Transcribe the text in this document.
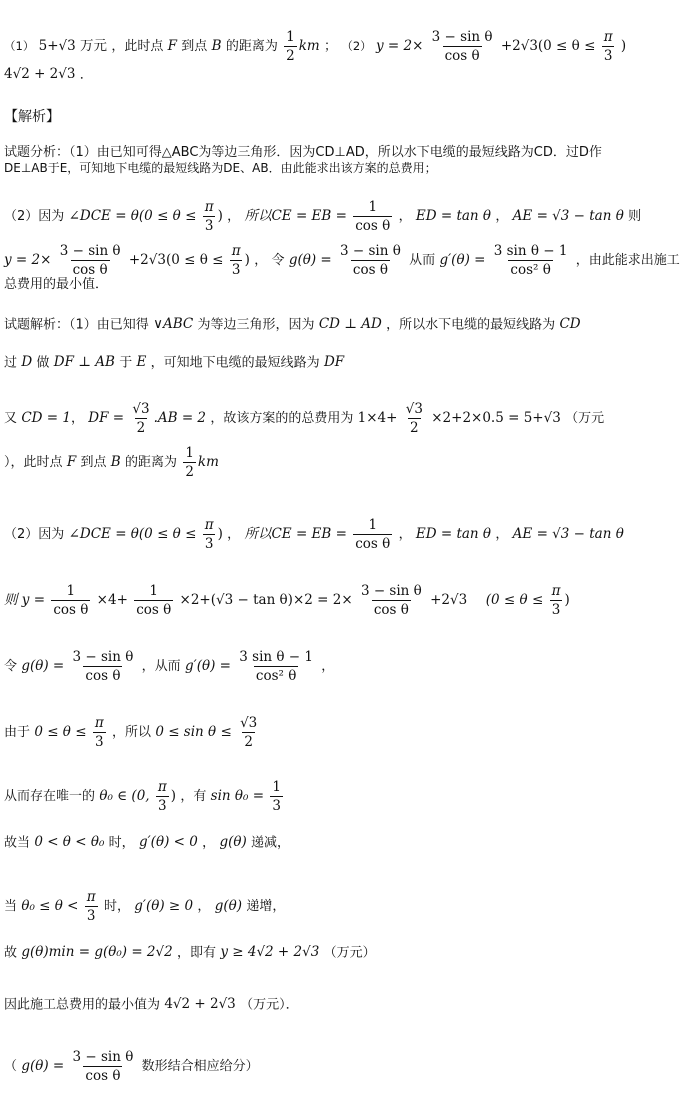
（1） 5+√3 万元 ，此时点 F 到点 B 的距离为 $\frac{1}{2}$ km ； （2） $y = 2\times \frac{\text{3 − sin θ}}{\text{cos θ}} +2√3(0 \le \theta \le \frac{\pi}{3}$ )
4√2 + 2√3 ．
【解析】
试题分析：（1）由已知可得△ABC为等边三角形．因为CD⊥AD，所以水下电缆的最短线路为CD．过D作
DE⊥AB于E，可知地下电缆的最短线路为DE、AB．由此能求出该方案的总费用；
（2）因为 ∠DCE = $\theta(0 \le \theta \le \frac{\pi}{3}$ ) ， 所以CE = EB = $\frac{1}{\text{cos θ}}$ ， ED = tan θ ， AE = √3 − tan θ 则
$y = 2\times \frac{\text{3 − sin θ}}{\text{cos θ}} +2√3(0 \le \theta \le \frac{\pi}{3}$ ) ， 令 $g(\theta) = \frac{\text{3 − sin θ}}{\text{cos θ}}$ 从而 $g'(\theta) = \frac{\text{3 sin θ − 1}}{\text{cos² θ}}$ ，由此能求出施工
总费用的最小值．
试题解析：（1）由已知得 ∨ABC 为等边三角形，因为 CD ⊥ AD ，所以水下电缆的最短线路为 CD
过 D 做 DF ⊥ AB 于 E ，可知地下电缆的最短线路为 DF
又 CD = 1， DF = $\frac{√3}{2} .AB = 2$ ，故该方案的的总费用为 $1\times 4+ \frac{√3}{2} \times 2+2\times 0.5 = 5+√3$ （万元
），此时点 F 到点 B 的距离为 $\frac{1}{2}$ km
（2）因为 ∠DCE = $\theta(0 \le \theta \le \frac{\pi}{3}$ ) ， 所以CE = EB = $\frac{1}{\text{cos θ}}$ ， ED = tan θ ， AE = √3 − tan θ
则 $y = \frac{1}{\text{cos θ}} \times 4+ \frac{1}{\text{cos θ}} \times 2+(√3 - \tan \theta)\times 2 = 2\times \frac{\text{3 − sin θ}}{\text{cos θ}} +2√3$ ($0 \le \theta \le \frac{\pi}{3}$ )
令 $g(\theta) = \frac{\text{3 − sin θ}}{\text{cos θ}}$ ，从而 $g'(\theta) = \frac{\text{3 sin θ − 1}}{\text{cos² θ}}$ ，
由于 $0 \le \theta \le \frac{\pi}{3}$ ，所以 $0 \le \sin \theta \le \frac{√3}{2}$
从而存在唯一的 θ₀ ∈ (0, $\frac{\pi}{3}$ ) ，有 $\sin \theta_0 = \frac{1}{3}$
故当 0 < θ < θ₀ 时， g′(θ) < 0 ， g(θ) 递减，
当 $\theta_0 \le \theta < \frac{\pi}{3}$ 时， g′(θ) ≥ 0 ， g(θ) 递增，
故 g(θ)min = g(θ₀) = 2√2 ，即有 y ≥ 4√2 + 2√3 （万元）
因此施工总费用的最小值为 4√2 + 2√3 （万元）．
（ $g(\theta) = \frac{\text{3 − sin θ}}{\text{cos θ}}$ 数形结合相应给分）
